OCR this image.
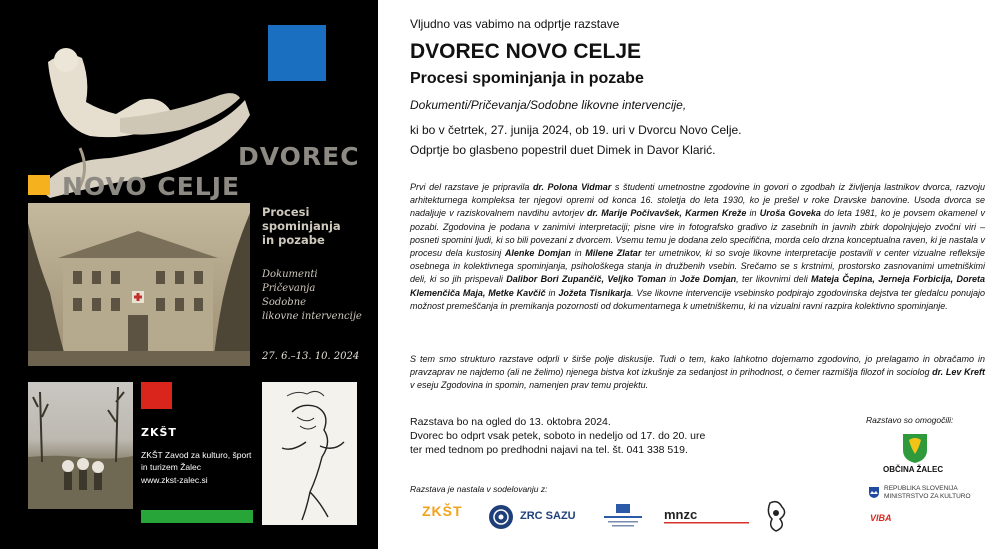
DVOREC
NOVO CELJE
Procesi
spominjanja
in pozabe
Dokumenti
Pričevanja
Sodobne
likovne intervencije
27. 6.–13. 10. 2024
ZKŠT
ZKŠT Zavod za kulturo, šport in turizem Žalec
www.zkst-zalec.si
Vljudno vas vabimo na odprtje razstave
DVOREC NOVO CELJE
Procesi spominjanja in pozabe
Dokumenti/Pričevanja/Sodobne likovne intervencije,
ki bo v četrtek, 27. junija 2024, ob 19. uri v Dvorcu Novo Celje.
Odprtje bo glasbeno popestril duet Dimek in Davor Klarić.
Prvi del razstave je pripravila dr. Polona Vidmar s študenti umetnostne zgodovine in govori o zgodbah iz življenja lastnikov dvorca, razvoju arhitekturnega kompleksa ter njegovi opremi od konca 16. stoletja do leta 1930, ko je prešel v roke Dravske banovine. Usoda dvorca se nadaljuje v raziskovalnem navdihu avtorjev dr. Marije Počivavšek, Karmen Kreže in Uroša Goveka do leta 1981, ko je povsem okamenel v pozabi. Zgodovina je podana v zanimivi interpretaciji; pisne vire in fotografsko gradivo iz zasebnih in javnih zbirk dopolnjujejo zvočni viri – posneti spomini ljudi, ki so bili povezani z dvorcem. Vsemu temu je dodana zelo specifična, morda celo drzna konceptualna raven, ki je nastala v procesu dela kustosinj Alenke Domjan in Milene Zlatar ter umetnikov, ki so svoje likovne interpretacije postavili v center vizualne refleksije osebnega in kolektivnega spominjanja, psihološkega stanja in družbenih vsebin. Srečamo se s krstnimi, prostorsko zasnovanimi umetniškimi deli, ki so jih prispevali Dalibor Bori Zupančič, Veljko Toman in Jože Domjan, ter likovnimi deli Mateja Čepina, Jerneja Forbicija, Doreta Klemenčiča Maja, Metke Kavčič in Jožeta Tisnikarja. Vse likovne intervencije vsebinsko podpirajo zgodovinska dejstva ter gledalcu ponujajo možnost premeščanja in premikanja pozornosti od dokumentarnega k umetniškemu, ki na vizualni ravni razpira kolektivno spominjanje.
S tem smo strukturo razstave odprli v širše polje diskusije. Tudi o tem, kako lahkotno dojemamo zgodovino, jo prelagamo in obračamo in pravzaprav ne najdemo (ali ne želimo) njenega bistva kot izkušnje za sedanjost in prihodnost, o čemer razmišlja filozof in sociolog dr. Lev Kreft v eseju Zgodovina in spomin, namenjen prav temu projektu.
Razstava bo na ogled do 13. oktobra 2024.
Dvorec bo odprt vsak petek, soboto in nedeljo od 17. do 20. ure
ter med tednom po predhodni najavi na tel. št. 041 338 519.
Razstavo so omogočili:
OBČINA ŽALEC
REPUBLIKA SLOVENIJA
MINISTRSTVO ZA KULTURO
VIBA
Razstava je nastala v sodelovanju z:
ZKŠT	ZRC SAZU	mnzc
